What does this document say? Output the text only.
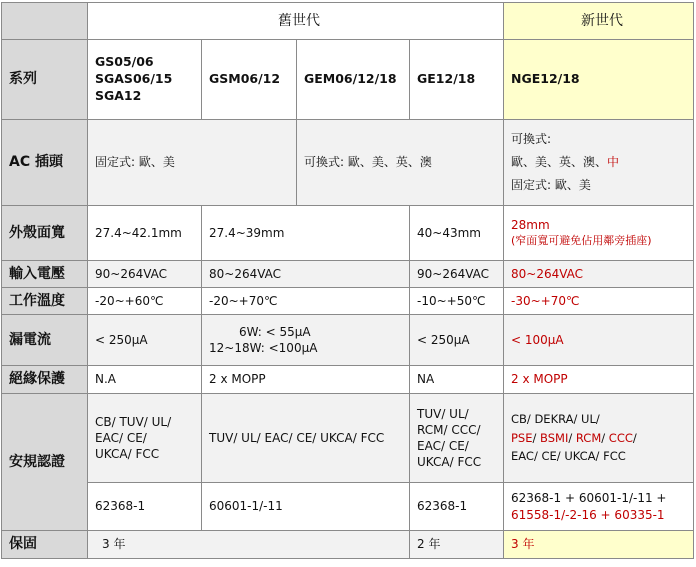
	舊世代				新世代
系列	GS05/06
SGAS06/15
SGA12	GSM06/12	GEM06/12/18	GE12/18	NGE12/18
AC 插頭	固定式: 歐、美		可換式: 歐、美、英、澳		可換式:
歐、美、英、澳、中
固定式: 歐、美

外殼面寬	27.4~42.1mm	27.4~39mm		40~43mm	28mm
(窄面寬可避免佔用鄰旁插座)

輸入電壓	90~264VAC	80~264VAC		90~264VAC	80~264VAC
工作溫度	-20~+60℃	-20~+70℃		-10~+50℃	-30~+70℃
漏電流	< 250μA	6W: < 55μA
12~18W: <100μA		< 250μA	< 100μA
絕緣保護	N.A	2 x MOPP		NA	2 x MOPP
安規認證	CB/ TUV/ UL/
EAC/ CE/
UKCA/ FCC	TUV/ UL/ EAC/ CE/ UKCA/ FCC		TUV/ UL/
RCM/ CCC/
EAC/ CE/
UKCA/ FCC	CB/ DEKRA/ UL/
PSE/ BSMI/ RCM/ CCC/
EAC/ CE/ UKCA/ FCC

	62368-1	60601-1/-11		62368-1	62368-1 + 60601-1/-11 +
61558-1/-2-16 + 60335-1

保固	3 年			2 年	3 年
